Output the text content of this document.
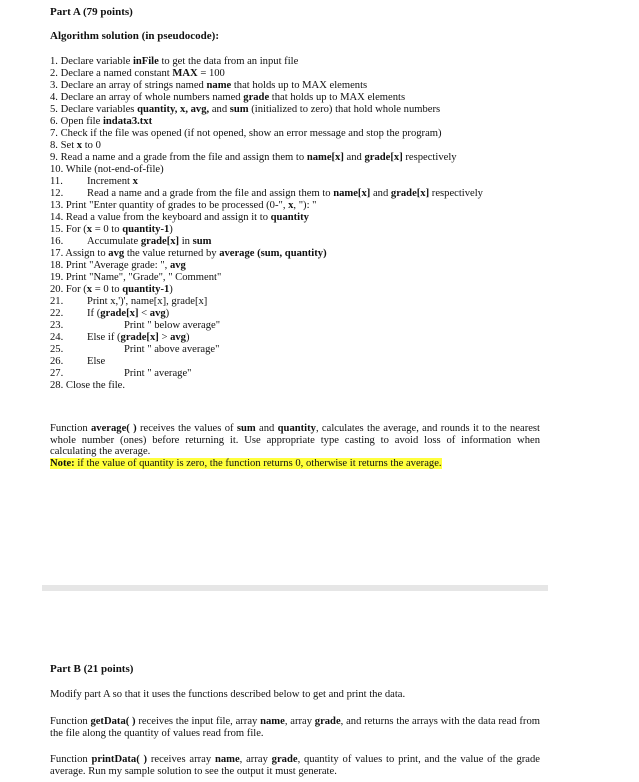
Part A (79 points)
Algorithm solution (in pseudocode):
1. Declare variable inFile to get the data from an input file
2. Declare a named constant MAX = 100
3. Declare an array of strings named name that holds up to MAX elements
4. Declare an array of whole numbers named grade that holds up to MAX elements
5. Declare variables quantity, x, avg, and sum (initialized to zero) that hold whole numbers
6. Open file indata3.txt
7. Check if the file was opened (if not opened, show an error message and stop the program)
8. Set x to 0
9. Read a name and a grade from the file and assign them to name[x] and grade[x] respectively
10. While (not-end-of-file)
11. Increment x
12. Read a name and a grade from the file and assign them to name[x] and grade[x] respectively
13. Print "Enter quantity of grades to be processed (0-", x, "): "
14. Read a value from the keyboard and assign it to quantity
15. For (x = 0 to quantity-1)
16. Accumulate grade[x] in sum
17. Assign to avg the value returned by average (sum, quantity)
18. Print "Average grade: ", avg
19. Print "Name", "Grade", " Comment"
20. For (x = 0 to quantity-1)
21. Print x,')', name[x], grade[x]
22. If (grade[x] < avg)
23.	Print " below average"
24. Else if (grade[x] > avg)
25.	Print " above average"
26. Else
27.	Print " average"
28. Close the file.
Function average( ) receives the values of sum and quantity, calculates the average, and rounds it to the nearest whole number (ones) before returning it. Use appropriate type casting to avoid loss of information when calculating the average.
Note: if the value of quantity is zero, the function returns 0, otherwise it returns the average.
Part B (21 points)
Modify part A so that it uses the functions described below to get and print the data.
Function getData( ) receives the input file, array name, array grade, and returns the arrays with the data read from the file along the quantity of values read from file.
Function printData( ) receives array name, array grade, quantity of values to print, and the value of the grade average. Run my sample solution to see the output it must generate.
